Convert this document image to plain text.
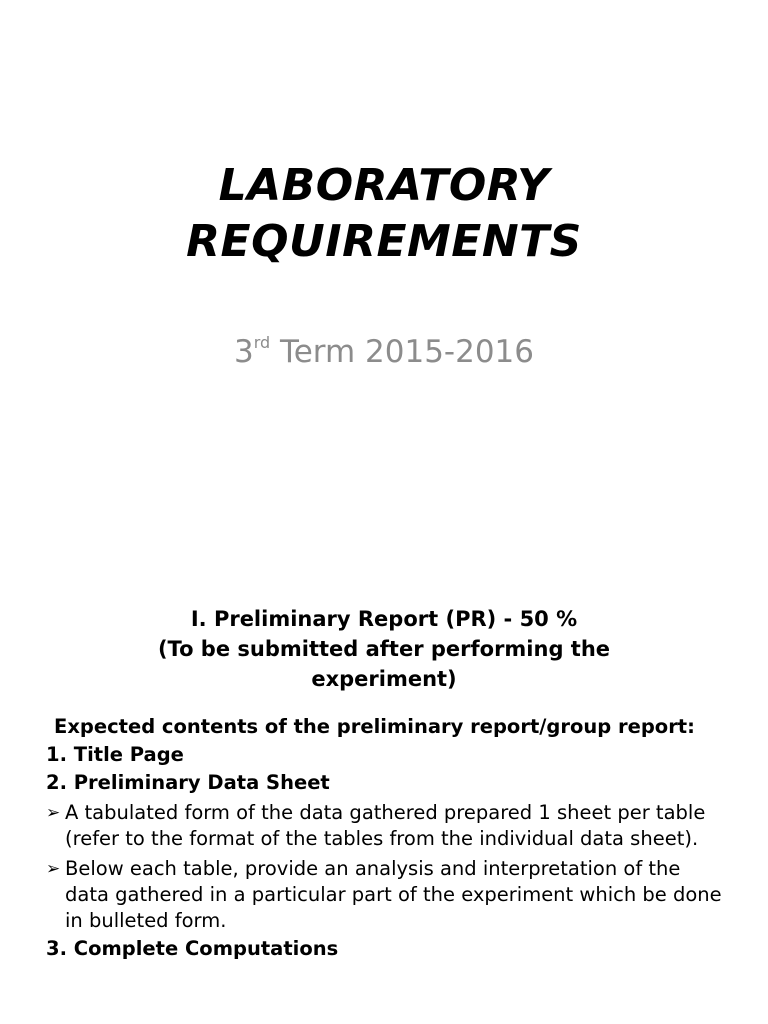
LABORATORY
REQUIREMENTS
3rd Term 2015-2016
I. Preliminary Report (PR) - 50 %
(To be submitted after performing the
experiment)

Expected contents of the preliminary report/group report:

1. Title Page

2. Preliminary Data Sheet

➢ A tabulated form of the data gathered prepared 1 sheet per table (refer to the format of the tables from the individual data sheet).
➢ Below each table, provide an analysis and interpretation of the data gathered in a particular part of the experiment which be done in bulleted form.

3. Complete Computations
